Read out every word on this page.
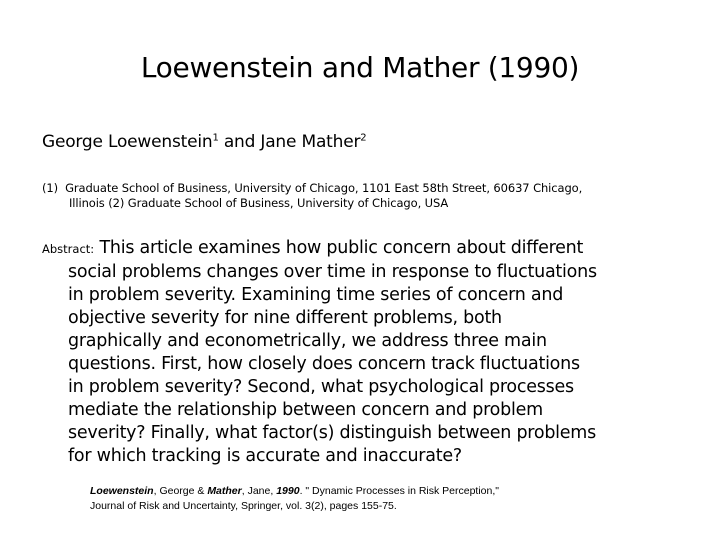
Loewenstein and Mather (1990)
George Loewenstein$^1$ and Jane Mather$^2$
(1)  Graduate School of Business, University of Chicago, 1101 East 58th Street, 60637 Chicago,
Illinois (2) Graduate School of Business, University of Chicago, USA
Abstract: This article examines how public concern about different
social problems changes over time in response to fluctuations
in problem severity. Examining time series of concern and
objective severity for nine different problems, both
graphically and econometrically, we address three main
questions. First, how closely does concern track fluctuations
in problem severity? Second, what psychological processes
mediate the relationship between concern and problem
severity? Finally, what factor(s) distinguish between problems
for which tracking is accurate and inaccurate?
Loewenstein, George & Mather, Jane, 1990. " Dynamic Processes in Risk Perception,"
Journal of Risk and Uncertainty, Springer, vol. 3(2), pages 155-75.
